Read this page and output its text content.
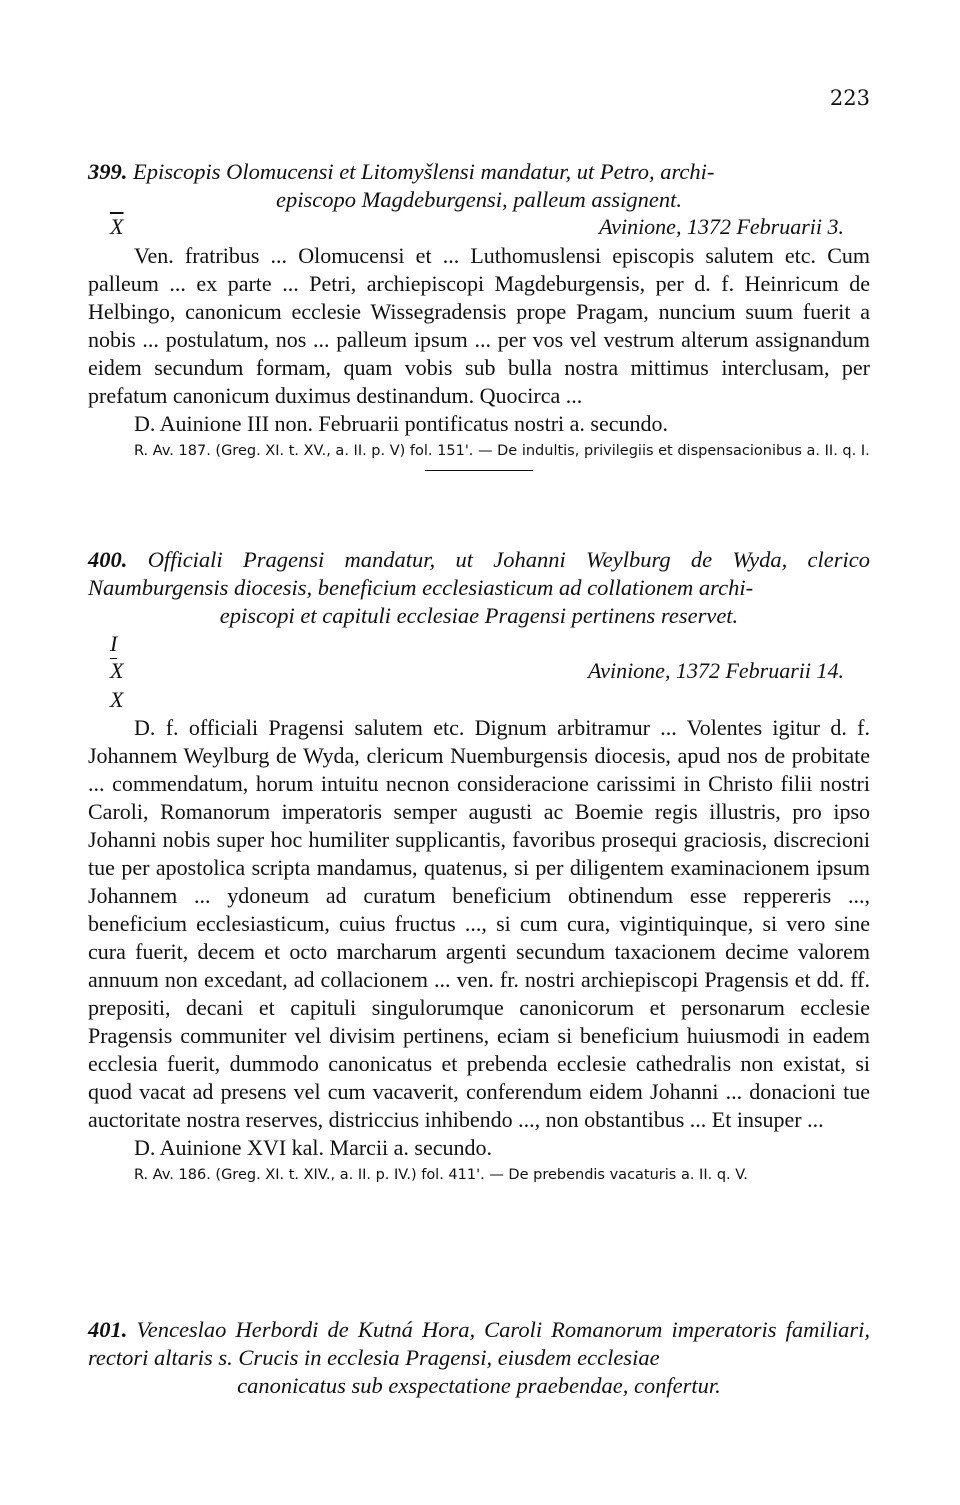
223
399. Episcopis Olomucensi et Litomyšlensi mandatur, ut Petro, archi-
episcopo Magdeburgensi, palleum assignent.
$\overline{X}$	Avinione, 1372 Februarii 3.

Ven. fratribus ... Olomucensi et ... Luthomuslensi episcopis salutem etc. Cum palleum ... ex parte ... Petri, archiepiscopi Magdeburgensis, per d. f. Heinricum de Helbingo, canonicum ecclesie Wissegradensis prope Pragam, nuncium suum fuerit a nobis ... postulatum, nos ... palleum ipsum ... per vos vel vestrum alterum assignandum eidem secundum formam, quam vobis sub bulla nostra mittimus interclusam, per prefatum canonicum duximus destinandum. Quocirca ...

D. Auinione III non. Februarii pontificatus nostri a. secundo.

R. Av. 187. (Greg. XI. t. XV., a. II. p. V) fol. 151'. — De indultis, privilegiis et dispensacionibus a. II. q. I.

400. Officiali Pragensi mandatur, ut Johanni Weylburg de Wyda, clerico Naumburgensis diocesis, beneficium ecclesiasticum ad collationem archi-
episcopi et capituli ecclesiae Pragensi pertinens reservet.
I
X	Avinione, 1372 Februarii 14.
X

D. f. officiali Pragensi salutem etc. Dignum arbitramur ... Volentes igitur d. f. Johannem Weylburg de Wyda, clericum Nuemburgensis diocesis, apud nos de probitate ... commendatum, horum intuitu necnon consideracione carissimi in Christo filii nostri Caroli, Romanorum imperatoris semper augusti ac Boemie regis illustris, pro ipso Johanni nobis super hoc humiliter supplicantis, favoribus prosequi graciosis, discrecioni tue per apostolica scripta mandamus, quatenus, si per diligentem examinacionem ipsum Johannem ... ydoneum ad curatum beneficium obtinendum esse reppereris ..., beneficium ecclesiasticum, cuius fructus ..., si cum cura, vigintiquinque, si vero sine cura fuerit, decem et octo marcharum argenti secundum taxacionem decime valorem annuum non excedant, ad collacionem ... ven. fr. nostri archiepiscopi Pragensis et dd. ff. prepositi, decani et capituli singulorumque canonicorum et personarum ecclesie Pragensis communiter vel divisim pertinens, eciam si beneficium huiusmodi in eadem ecclesia fuerit, dummodo canonicatus et prebenda ecclesie cathedralis non existat, si quod vacat ad presens vel cum vacaverit, conferendum eidem Johanni ... donacioni tue auctoritate nostra reserves, districcius inhibendo ..., non obstantibus ... Et insuper ...

D. Auinione XVI kal. Marcii a. secundo.

R. Av. 186. (Greg. XI. t. XIV., a. II. p. IV.) fol. 411'. — De prebendis vacaturis a. II. q. V.

401. Venceslao Herbordi de Kutná Hora, Caroli Romanorum imperatoris familiari, rectori altaris s. Crucis in ecclesia Pragensi, eiusdem ecclesiae
canonicatus sub exspectatione praebendae, confertur.
